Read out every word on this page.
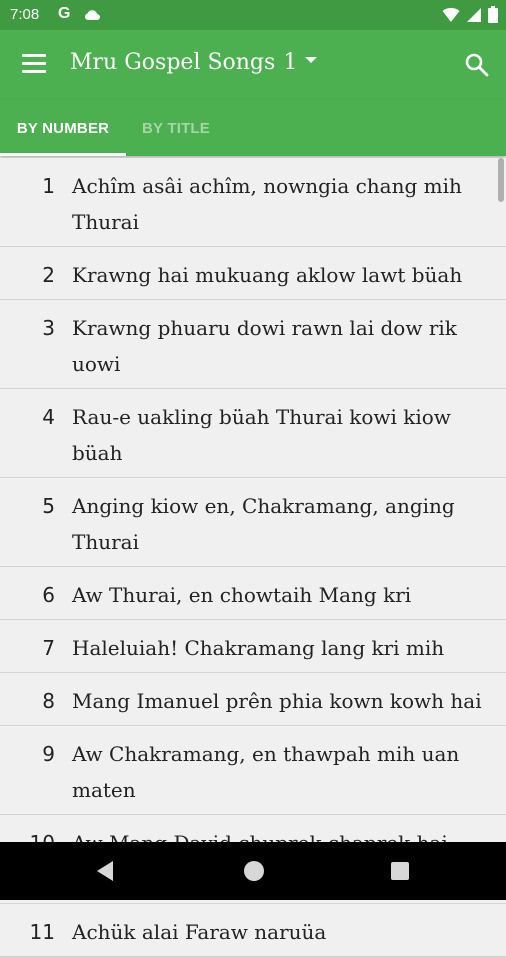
7:08 G
Mru Gospel Songs 1
BY NUMBER	BY TITLE
1 Achîm asâi achîm, nowngia chang mih Thurai
2 Krawng hai mukuang aklow lawt büah
3 Krawng phuaru dowi rawn lai dow rik uowi
4 Rau-e uakling büah Thurai kowi kiow büah
5 Anging kiow en, Chakramang, anging Thurai
6 Aw Thurai, en chowtaih Mang kri
7 Haleluiah! Chakramang lang kri mih
8 Mang Imanuel prên phia kown kowh hai
9 Aw Chakramang, en thawpah mih uan maten
11 Achük alai Faraw naruüa
